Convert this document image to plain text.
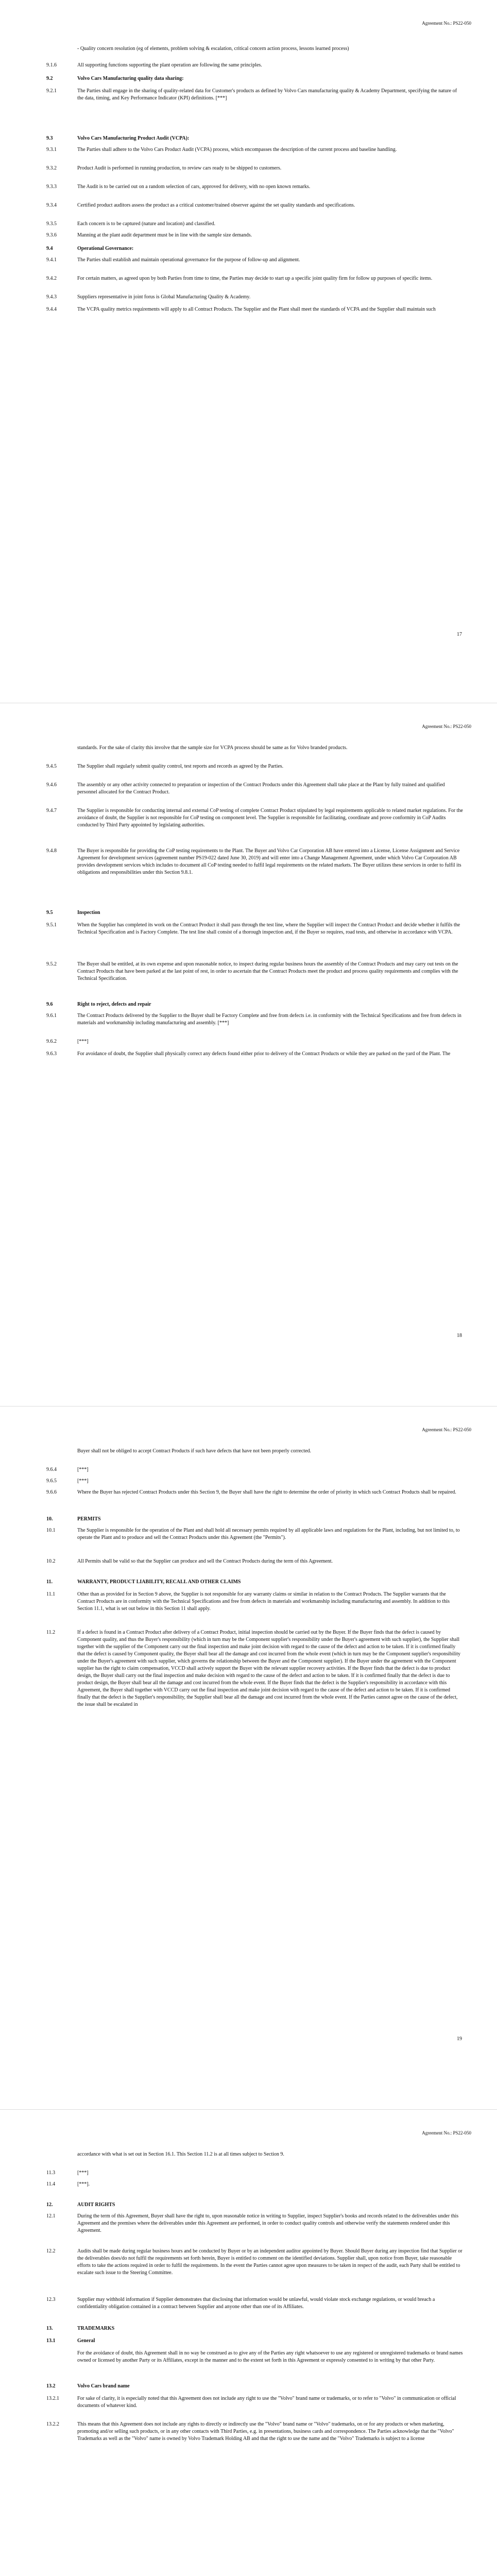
Agreement No.: PS22-050
- Quality concern resolution (eg of elements, problem solving & escalation, critical concern action process, lessons learned process)
9.1.6	All supporting functions supporting the plant operation are following the same principles.
9.2	Volvo Cars Manufacturing quality data sharing:
9.2.1	The Parties shall engage in the sharing of quality-related data for Customer's products as defined by Volvo Cars manufacturing quality & Academy Department, specifying the nature of the data, timing, and Key Performance Indicator (KPI) definitions. [***]
9.3	Volvo Cars Manufacturing Product Audit (VCPA):
9.3.1	The Parties shall adhere to the Volvo Cars Product Audit (VCPA) process, which encompasses the description of the current process and baseline handling.
9.3.2	Product Audit is performed in running production, to review cars ready to be shipped to customers.
9.3.3	The Audit is to be carried out on a random selection of cars, approved for delivery, with no open known remarks.
9.3.4	Certified product auditors assess the product as a critical customer/trained observer against the set quality standards and specifications.
9.3.5	Each concern is to be captured (nature and location) and classified.
9.3.6	Manning at the plant audit department must be in line with the sample size demands.
9.4	Operational Governance:
9.4.1	The Parties shall establish and maintain operational governance for the purpose of follow-up and alignment.
9.4.2	For certain matters, as agreed upon by both Parties from time to time, the Parties may decide to start up a specific joint quality firm for follow up purposes of specific items.
9.4.3	Suppliers representative in joint forus is Global Manufacturing Quality & Academy.
9.4.4	The VCPA quality metrics requirements will apply to all Contract Products. The Supplier and the Plant shall meet the standards of VCPA and the Supplier shall maintain such
17
Agreement No.: PS22-050
standards. For the sake of clarity this involve that the sample size for VCPA process should be same as for Volvo branded products.
9.4.5	The Supplier shall regularly submit quality control, test reports and records as agreed by the Parties.
9.4.6	The assembly or any other activity connected to preparation or inspection of the Contract Products under this Agreement shall take place at the Plant by fully trained and qualified personnel allocated for the Contract Product.
9.4.7	The Supplier is responsible for conducting internal and external CoP testing of complete Contract Product stipulated by legal requirements applicable to related market regulations. For the avoidance of doubt, the Supplier is not responsible for CoP testing on component level. The Supplier is responsible for facilitating, coordinate and prove conformity in CoP Audits conducted by Third Party appointed by legislating authorities.
9.4.8	The Buyer is responsible for providing the CoP testing requirements to the Plant. The Buyer and Volvo Car Corporation AB have entered into a License, License Assignment and Service Agreement for development services (agreement number PS19-022 dated June 30, 2019) and will enter into a Change Management Agreement, under which Volvo Car Corporation AB provides development services which includes to document all CoP testing needed to fulfil legal requirements on the related markets. The Buyer utilizes these services in order to fulfil its obligations and responsibilities under this Section 9.8.1.
9.5	Inspection
9.5.1	When the Supplier has completed its work on the Contract Product it shall pass through the test line, where the Supplier will inspect the Contract Product and decide whether it fulfils the Technical Specification and is Factory Complete. The test line shall consist of a thorough inspection and, if the Buyer so requires, road tests, and otherwise in accordance with VCPA.
9.5.2	The Buyer shall be entitled, at its own expense and upon reasonable notice, to inspect during regular business hours the assembly of the Contract Products and may carry out tests on the Contract Products that have been parked at the last point of rest, in order to ascertain that the Contract Products meet the product and process quality requirements and complies with the Technical Specification.
9.6	Right to reject, defects and repair
9.6.1	The Contract Products delivered by the Supplier to the Buyer shall be Factory Complete and free from defects i.e. in conformity with the Technical Specifications and free from defects in materials and workmanship including manufacturing and assembly. [***]
9.6.2	[***]
9.6.3	For avoidance of doubt, the Supplier shall physically correct any defects found either prior to delivery of the Contract Products or while they are parked on the yard of the Plant. The
18
Agreement No.: PS22-050
Buyer shall not be obliged to accept Contract Products if such have defects that have not been properly corrected.
9.6.4	[***]
9.6.5	[***]
9.6.6	Where the Buyer has rejected Contract Products under this Section 9, the Buyer shall have the right to determine the order of priority in which such Contract Products shall be repaired.
10.	PERMITS
10.1	The Supplier is responsible for the operation of the Plant and shall hold all necessary permits required by all applicable laws and regulations for the Plant, including, but not limited to, to operate the Plant and to produce and sell the Contract Products under this Agreement (the "Permits").
10.2	All Permits shall be valid so that the Supplier can produce and sell the Contract Products during the term of this Agreement.
11.	WARRANTY, PRODUCT LIABILITY, RECALL AND OTHER CLAIMS
11.1	Other than as provided for in Section 9 above, the Supplier is not responsible for any warranty claims or similar in relation to the Contract Products. The Supplier warrants that the Contract Products are in conformity with the Technical Specifications and free from defects in materials and workmanship including manufacturing and assembly. In addition to this Section 11.1, what is set out below in this Section 11 shall apply.
11.2	If a defect is found in a Contract Product after delivery of a Contract Product, initial inspection should be carried out by the Buyer. If the Buyer finds that the defect is caused by Component quality, and thus the Buyer's responsibility (which in turn may be the Component supplier's responsibility under the Buyer's agreement with such supplier), the Supplier shall together with the supplier of the Component carry out the final inspection and make joint decision with regard to the cause of the defect and action to be taken. If it is confirmed finally that the defect is caused by Component quality, the Buyer shall bear all the damage and cost incurred from the whole event (which in turn may be the Component supplier's responsibility under the Buyer's agreement with such supplier, which governs the relationship between the Buyer and the Component supplier). If the Buyer under the agreement with the Component supplier has the right to claim compensation, VCCD shall actively support the Buyer with the relevant supplier recovery activities. If the Buyer finds that the defect is due to product design, the Buyer shall carry out the final inspection and make decision with regard to the cause of the defect and action to be taken. If it is confirmed finally that the defect is due to product design, the Buyer shall bear all the damage and cost incurred from the whole event. If the Buyer finds that the defect is the Supplier's responsibility in accordance with this Agreement, the Buyer shall together with VCCD carry out the final inspection and make joint decision with regard to the cause of the defect and action to be taken. If it is confirmed finally that the defect is the Supplier's responsibility, the Supplier shall bear all the damage and cost incurred from the whole event. If the Parties cannot agree on the cause of the defect, the issue shall be escalated in
19
Agreement No.: PS22-050
accordance with what is set out in Section 16.1. This Section 11.2 is at all times subject to Section 9.
11.3	[***]
11.4	[***].
12.	AUDIT RIGHTS
12.1	During the term of this Agreement, Buyer shall have the right to, upon reasonable notice in writing to Supplier, inspect Supplier's books and records related to the deliverables under this Agreement and the premises where the deliverables under this Agreement are performed, in order to conduct quality controls and otherwise verify the statements rendered under this Agreement.
12.2	Audits shall be made during regular business hours and be conducted by Buyer or by an independent auditor appointed by Buyer. Should Buyer during any inspection find that Supplier or the deliverables does/do not fulfil the requirements set forth herein, Buyer is entitled to comment on the identified deviations. Supplier shall, upon notice from Buyer, take reasonable efforts to take the actions required in order to fulfil the requirements. In the event the Parties cannot agree upon measures to be taken in respect of the audit, each Party shall be entitled to escalate such issue to the Steering Committee.
12.3	Supplier may withhold information if Supplier demonstrates that disclosing that information would be unlawful, would violate stock exchange regulations, or would breach a confidentiality obligation contained in a contract between Supplier and anyone other than one of its Affiliates.
13.	TRADEMARKS
13.1	General
For the avoidance of doubt, this Agreement shall in no way be construed as to give any of the Parties any right whatsoever to use any registered or unregistered trademarks or brand names owned or licensed by another Party or its Affiliates, except in the manner and to the extent set forth in this Agreement or expressly consented to in writing by that other Party.
13.2	Volvo Cars brand name
13.2.1	For sake of clarity, it is especially noted that this Agreement does not include any right to use the "Volvo" brand name or trademarks, or to refer to "Volvo" in communication or official documents of whatever kind.
13.2.2	This means that this Agreement does not include any rights to directly or indirectly use the "Volvo" brand name or "Volvo" trademarks, on or for any products or when marketing, promoting and/or selling such products, or in any other contacts with Third Parties, e.g. in presentations, business cards and correspondence. The Parties acknowledge that the "Volvo" Trademarks as well as the "Volvo" name is owned by Volvo Trademark Holding AB and that the right to use the name and the "Volvo" Trademarks is subject to a license
